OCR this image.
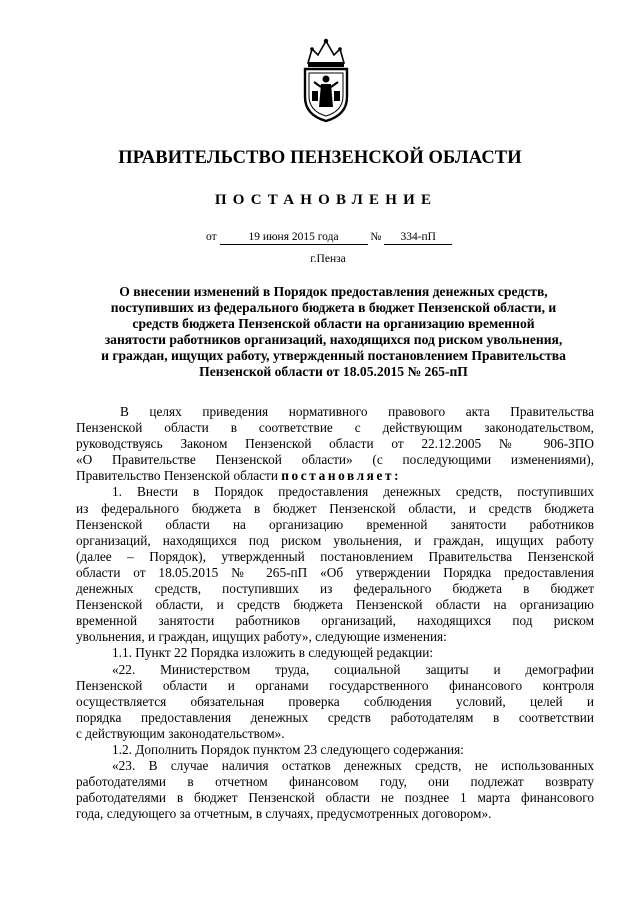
ПРАВИТЕЛЬСТВО ПЕНЗЕНСКОЙ ОБЛАСТИ
ПОСТАНОВЛЕНИЕ
от	19 июня 2015 года	№ 334-пП
г.Пенза
О внесении изменений в Порядок предоставления денежных средств,
поступивших из федерального бюджета в бюджет Пензенской области, и
средств бюджета Пензенской области на организацию временной
занятости работников организаций, находящихся под риском увольнения,
и граждан, ищущих работу, утвержденный постановлением Правительства
Пензенской области от 18.05.2015 № 265-пП
В целях приведения нормативного правового акта Правительства
Пензенской области в соответствие с действующим законодательством,
руководствуясь Законом Пензенской области от 22.12.2005 № 906-ЗПО
«О Правительстве Пензенской области» (с последующими изменениями),
Правительство Пензенской области постановляет:
1. Внести в Порядок предоставления денежных средств, поступивших
из федерального бюджета в бюджет Пензенской области, и средств бюджета
Пензенской области на организацию временной занятости работников
организаций, находящихся под риском увольнения, и граждан, ищущих работу
(далее – Порядок), утвержденный постановлением Правительства Пензенской
области от 18.05.2015 № 265-пП «Об утверждении Порядка предоставления
денежных средств, поступивших из федерального бюджета в бюджет
Пензенской области, и средств бюджета Пензенской области на организацию
временной занятости работников организаций, находящихся под риском
увольнения, и граждан, ищущих работу», следующие изменения:
1.1. Пункт 22 Порядка изложить в следующей редакции:
«22. Министерством труда, социальной защиты и демографии
Пензенской области и органами государственного финансового контроля
осуществляется обязательная проверка соблюдения условий, целей и
порядка предоставления денежных средств работодателям в соответствии
с действующим законодательством».
1.2. Дополнить Порядок пунктом 23 следующего содержания:
«23. В случае наличия остатков денежных средств, не использованных
работодателями в отчетном финансовом году, они подлежат возврату
работодателями в бюджет Пензенской области не позднее 1 марта финансового
года, следующего за отчетным, в случаях, предусмотренных договором».
